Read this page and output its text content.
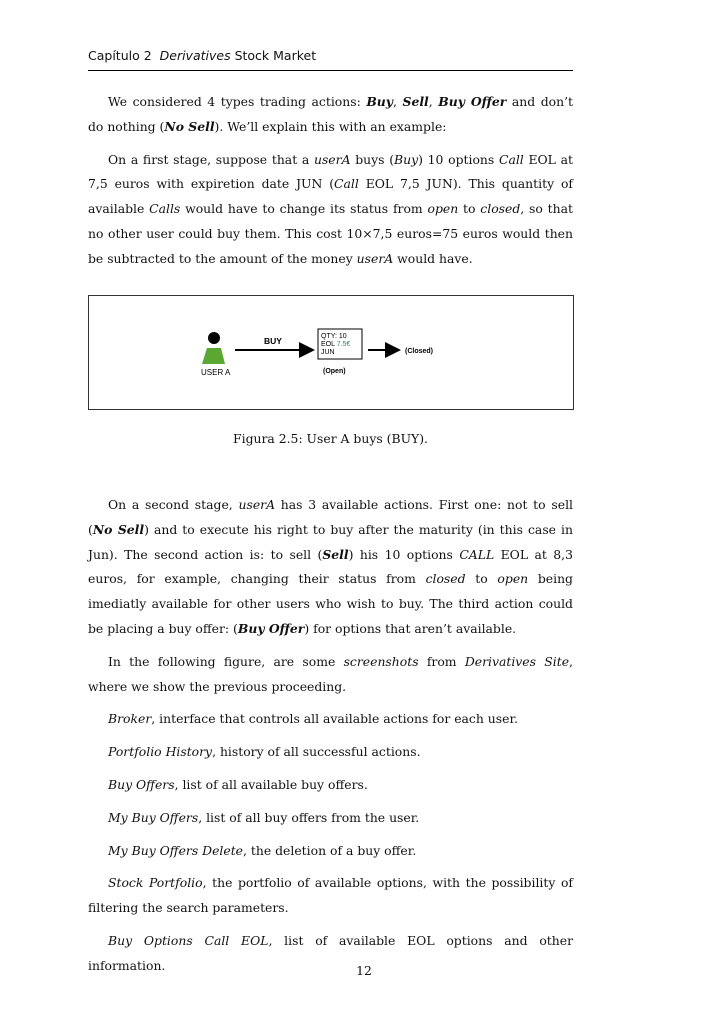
Capítulo 2 Derivatives Stock Market

We considered 4 types trading actions: Buy, Sell, Buy Offer and don’t do nothing (No Sell). We’ll explain this with an example:

On a first stage, suppose that a userA buys (Buy) 10 options Call EOL at 7,5 euros with expiretion date JUN (Call EOL 7,5 JUN). This quantity of available Calls would have to change its status from open to closed, so that no other user could buy them. This cost 10×7,5 euros=75 euros would then be subtracted to the amount of the money userA would have.

USER A
BUY	QTY: 10
EOL 7.5€
JUN
(Open)
(Closed)
Figura 2.5: User A buys (BUY).

On a second stage, userA has 3 available actions. First one: not to sell (No Sell) and to execute his right to buy after the maturity (in this case in Jun). The second action is: to sell (Sell) his 10 options CALL EOL at 8,3 euros, for example, changing their status from closed to open being imediatly available for other users who wish to buy. The third action could be placing a buy offer: (Buy Offer) for options that aren’t available.

In the following figure, are some screenshots from Derivatives Site, where we show the previous proceeding.

Broker, interface that controls all available actions for each user.

Portfolio History, history of all successful actions.

Buy Offers, list of all available buy offers.

My Buy Offers, list of all buy offers from the user.

My Buy Offers Delete, the deletion of a buy offer.

Stock Portfolio, the portfolio of available options, with the possibility of filtering the search parameters.

Buy Options Call EOL, list of available EOL options and other information.	12
